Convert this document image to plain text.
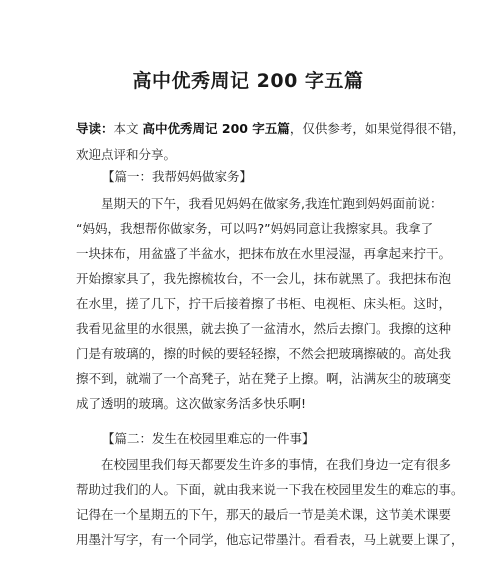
高中优秀周记 200 字五篇
导读：本文 高中优秀周记 200 字五篇，仅供参考，如果觉得很不错，
欢迎点评和分享。
【篇一：我帮妈妈做家务】
星期天的下午，我看见妈妈在做家务,我连忙跑到妈妈面前说：
“妈妈，我想帮你做家务，可以吗?”妈妈同意让我擦家具。我拿了
一块抹布，用盆盛了半盆水，把抹布放在水里浸湿，再拿起来拧干。
开始擦家具了，我先擦梳妆台，不一会儿，抹布就黑了。我把抹布泡
在水里，搓了几下，拧干后接着擦了书柜、电视柜、床头柜。这时，
我看见盆里的水很黑，就去换了一盆清水，然后去擦门。我擦的这种
门是有玻璃的，擦的时候的要轻轻擦，不然会把玻璃擦破的。高处我
擦不到，就端了一个高凳子，站在凳子上擦。啊，沾满灰尘的玻璃变
成了透明的玻璃。这次做家务活多快乐啊!
【篇二：发生在校园里难忘的一件事】
在校园里我们每天都要发生许多的事情，在我们身边一定有很多
帮助过我们的人。下面，就由我来说一下我在校园里发生的难忘的事。
记得在一个星期五的下午，那天的最后一节是美术课，这节美术课要
用墨汁写字，有一个同学，他忘记带墨汁。看看表，马上就要上课了，
